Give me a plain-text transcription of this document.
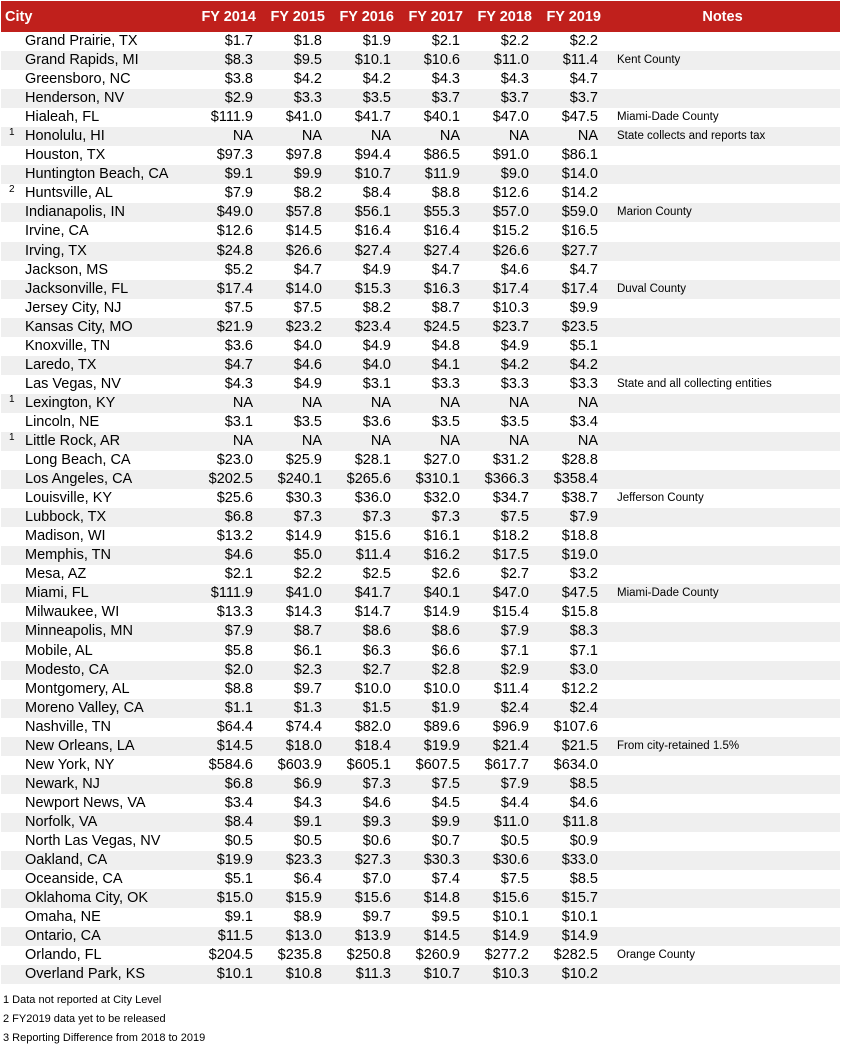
City		FY 2014	FY 2015	FY 2016	FY 2017	FY 2018	FY 2019	Notes
	Grand Prairie, TX	$1.7	$1.8	$1.9	$2.1	$2.2	$2.2	
	Grand Rapids, MI	$8.3	$9.5	$10.1	$10.6	$11.0	$11.4	Kent County
	Greensboro, NC	$3.8	$4.2	$4.2	$4.3	$4.3	$4.7	
	Henderson, NV	$2.9	$3.3	$3.5	$3.7	$3.7	$3.7	
	Hialeah, FL	$111.9	$41.0	$41.7	$40.1	$47.0	$47.5	Miami-Dade County
1	Honolulu, HI	NA	NA	NA	NA	NA	NA	State collects and reports tax
	Houston, TX	$97.3	$97.8	$94.4	$86.5	$91.0	$86.1	
	Huntington Beach, CA	$9.1	$9.9	$10.7	$11.9	$9.0	$14.0	
2	Huntsville, AL	$7.9	$8.2	$8.4	$8.8	$12.6	$14.2	
	Indianapolis, IN	$49.0	$57.8	$56.1	$55.3	$57.0	$59.0	Marion County
	Irvine, CA	$12.6	$14.5	$16.4	$16.4	$15.2	$16.5	
	Irving, TX	$24.8	$26.6	$27.4	$27.4	$26.6	$27.7	
	Jackson, MS	$5.2	$4.7	$4.9	$4.7	$4.6	$4.7	
	Jacksonville, FL	$17.4	$14.0	$15.3	$16.3	$17.4	$17.4	Duval County
	Jersey City, NJ	$7.5	$7.5	$8.2	$8.7	$10.3	$9.9	
	Kansas City, MO	$21.9	$23.2	$23.4	$24.5	$23.7	$23.5	
	Knoxville, TN	$3.6	$4.0	$4.9	$4.8	$4.9	$5.1	
	Laredo, TX	$4.7	$4.6	$4.0	$4.1	$4.2	$4.2	
	Las Vegas, NV	$4.3	$4.9	$3.1	$3.3	$3.3	$3.3	State and all collecting entities
1	Lexington, KY	NA	NA	NA	NA	NA	NA	
	Lincoln, NE	$3.1	$3.5	$3.6	$3.5	$3.5	$3.4	
1	Little Rock, AR	NA	NA	NA	NA	NA	NA	
	Long Beach, CA	$23.0	$25.9	$28.1	$27.0	$31.2	$28.8	
	Los Angeles, CA	$202.5	$240.1	$265.6	$310.1	$366.3	$358.4	
	Louisville, KY	$25.6	$30.3	$36.0	$32.0	$34.7	$38.7	Jefferson County
	Lubbock, TX	$6.8	$7.3	$7.3	$7.3	$7.5	$7.9	
	Madison, WI	$13.2	$14.9	$15.6	$16.1	$18.2	$18.8	
	Memphis, TN	$4.6	$5.0	$11.4	$16.2	$17.5	$19.0	
	Mesa, AZ	$2.1	$2.2	$2.5	$2.6	$2.7	$3.2	
	Miami, FL	$111.9	$41.0	$41.7	$40.1	$47.0	$47.5	Miami-Dade County
	Milwaukee, WI	$13.3	$14.3	$14.7	$14.9	$15.4	$15.8	
	Minneapolis, MN	$7.9	$8.7	$8.6	$8.6	$7.9	$8.3	
	Mobile, AL	$5.8	$6.1	$6.3	$6.6	$7.1	$7.1	
	Modesto, CA	$2.0	$2.3	$2.7	$2.8	$2.9	$3.0	
	Montgomery, AL	$8.8	$9.7	$10.0	$10.0	$11.4	$12.2	
	Moreno Valley, CA	$1.1	$1.3	$1.5	$1.9	$2.4	$2.4	
	Nashville, TN	$64.4	$74.4	$82.0	$89.6	$96.9	$107.6	
	New Orleans, LA	$14.5	$18.0	$18.4	$19.9	$21.4	$21.5	From city-retained 1.5%
	New York, NY	$584.6	$603.9	$605.1	$607.5	$617.7	$634.0	
	Newark, NJ	$6.8	$6.9	$7.3	$7.5	$7.9	$8.5	
	Newport News, VA	$3.4	$4.3	$4.6	$4.5	$4.4	$4.6	
	Norfolk, VA	$8.4	$9.1	$9.3	$9.9	$11.0	$11.8	
	North Las Vegas, NV	$0.5	$0.5	$0.6	$0.7	$0.5	$0.9	
	Oakland, CA	$19.9	$23.3	$27.3	$30.3	$30.6	$33.0	
	Oceanside, CA	$5.1	$6.4	$7.0	$7.4	$7.5	$8.5	
	Oklahoma City, OK	$15.0	$15.9	$15.6	$14.8	$15.6	$15.7	
	Omaha, NE	$9.1	$8.9	$9.7	$9.5	$10.1	$10.1	
	Ontario, CA	$11.5	$13.0	$13.9	$14.5	$14.9	$14.9	
	Orlando, FL	$204.5	$235.8	$250.8	$260.9	$277.2	$282.5	Orange County
	Overland Park, KS	$10.1	$10.8	$11.3	$10.7	$10.3	$10.2	
1 Data not reported at City Level
2 FY2019 data yet to be released
3 Reporting Difference from 2018 to 2019
